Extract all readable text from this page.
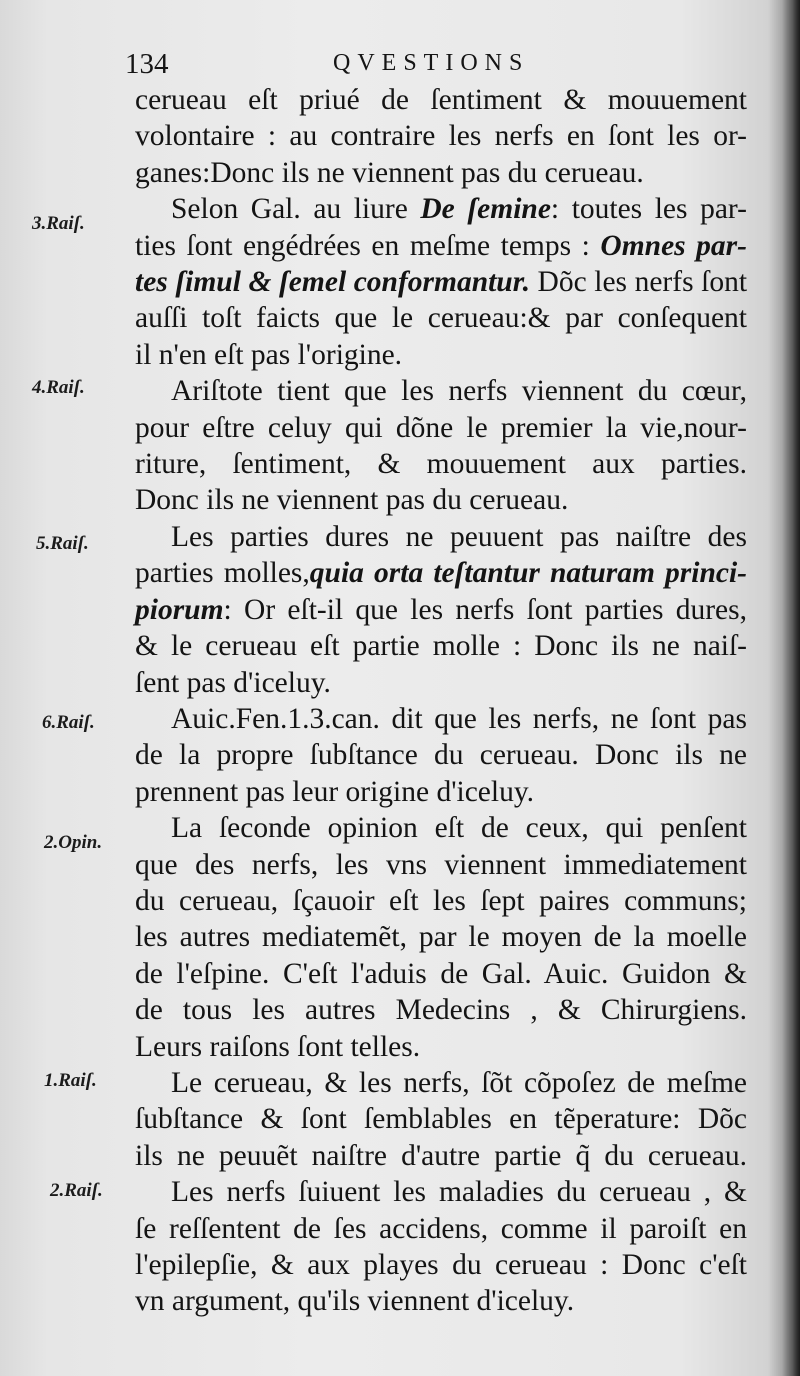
134	QVESTIONS
3.Raiſ.
4.Raiſ.
5.Raiſ.
6.Raiſ.
2.Opin.
1.Raiſ.
2.Raiſ.
cerueau eſt priué de ſentiment & mouuement
volontaire : au contraire les nerfs en ſont les or-
ganes:Donc ils ne viennent pas du cerueau.
Selon Gal. au liure De ſemine: toutes les par-
ties ſont engédrées en meſme temps : Omnes par-
tes ſimul & ſemel conformantur. Dõc les nerfs ſont
auſſi toſt faicts que le cerueau:& par conſequent
il n'en eſt pas l'origine.
Ariſtote tient que les nerfs viennent du cœur,
pour eſtre celuy qui dõne le premier la vie,nour-
riture, ſentiment, & mouuement aux parties.
Donc ils ne viennent pas du cerueau.
Les parties dures ne peuuent pas naiſtre des
parties molles,quia orta teſtantur naturam princi-
piorum: Or eſt-il que les nerfs ſont parties dures,
& le cerueau eſt partie molle : Donc ils ne naiſ-
ſent pas d'iceluy.
Auic.Fen.1.3.can. dit que les nerfs, ne ſont pas
de la propre ſubſtance du cerueau. Donc ils ne
prennent pas leur origine d'iceluy.
La ſeconde opinion eſt de ceux, qui penſent
que des nerfs, les vns viennent immediatement
du cerueau, ſçauoir eſt les ſept paires communs;
les autres mediatemẽt, par le moyen de la moelle
de l'eſpine. C'eſt l'aduis de Gal. Auic. Guidon &
de tous les autres Medecins , & Chirurgiens.
Leurs raiſons ſont telles.
Le cerueau, & les nerfs, ſõt cõpoſez de meſme
ſubſtance & ſont ſemblables en tẽperature: Dõc
ils ne peuuẽt naiſtre d'autre partie q̃ du cerueau.
Les nerfs ſuiuent les maladies du cerueau , &
ſe reſſentent de ſes accidens, comme il paroiſt en
l'epilepſie, & aux playes du cerueau : Donc c'eſt
vn argument, qu'ils viennent d'iceluy.
